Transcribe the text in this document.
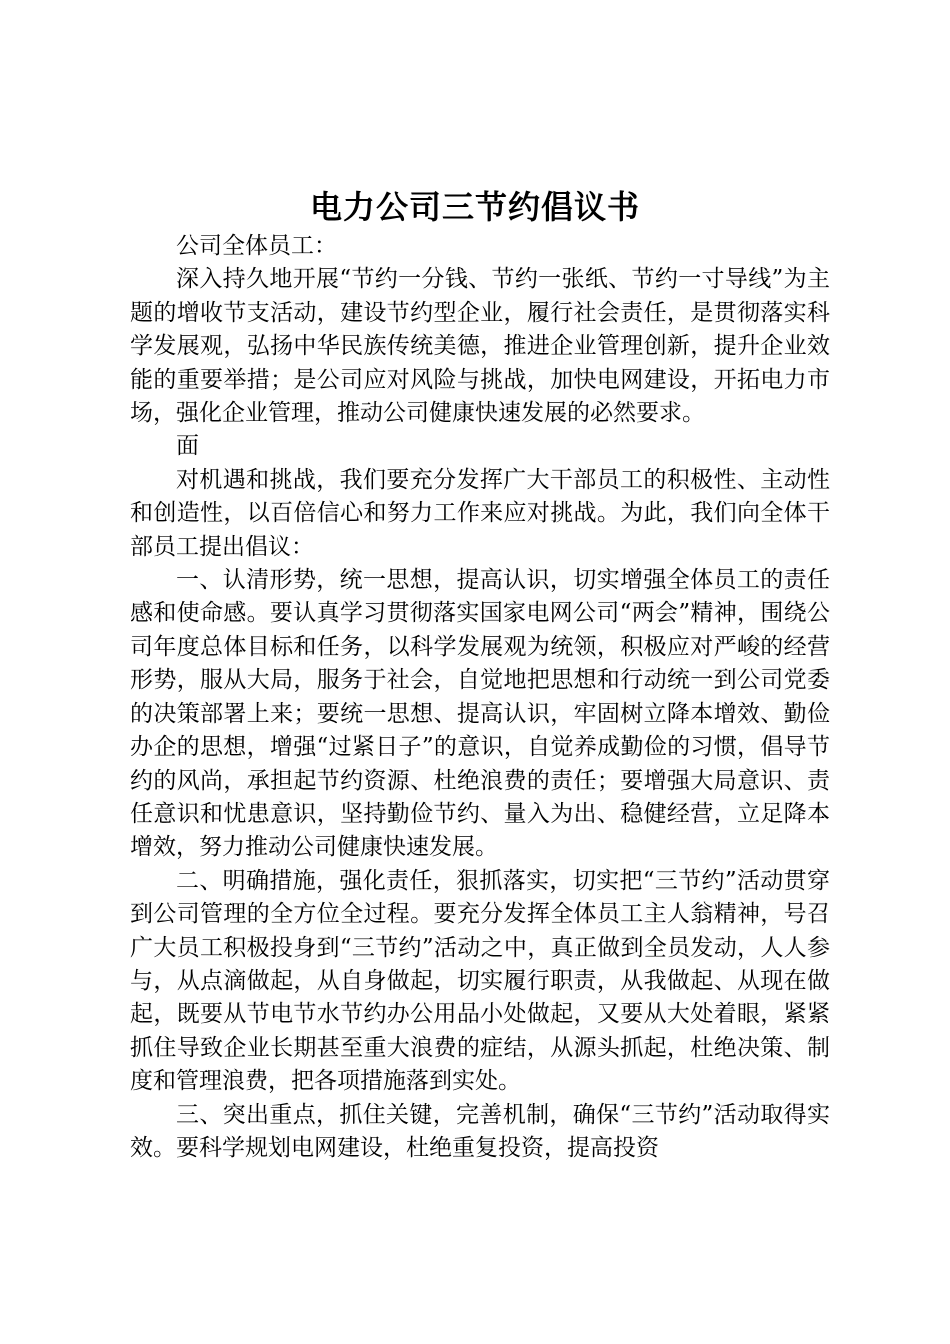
电力公司三节约倡议书

公司全体员工：

深入持久地开展“节约一分钱、节约一张纸、节约一寸导线”为主题的增收节支活动，建设节约型企业，履行社会责任，是贯彻落实科学发展观，弘扬中华民族传统美德，推进企业管理创新，提升企业效能的重要举措；是公司应对风险与挑战，加快电网建设，开拓电力市场，强化企业管理，推动公司健康快速发展的必然要求。

面

对机遇和挑战，我们要充分发挥广大干部员工的积极性、主动性和创造性，以百倍信心和努力工作来应对挑战。为此，我们向全体干部员工提出倡议：

一、认清形势，统一思想，提高认识，切实增强全体员工的责任感和使命感。要认真学习贯彻落实国家电网公司“两会”精神，围绕公司年度总体目标和任务，以科学发展观为统领，积极应对严峻的经营形势，服从大局，服务于社会，自觉地把思想和行动统一到公司党委的决策部署上来；要统一思想、提高认识，牢固树立降本增效、勤俭办企的思想，增强“过紧日子”的意识，自觉养成勤俭的习惯，倡导节约的风尚，承担起节约资源、杜绝浪费的责任；要增强大局意识、责任意识和忧患意识，坚持勤俭节约、量入为出、稳健经营，立足降本增效，努力推动公司健康快速发展。

二、明确措施，强化责任，狠抓落实，切实把“三节约”活动贯穿到公司管理的全方位全过程。要充分发挥全体员工主人翁精神，号召广大员工积极投身到“三节约”活动之中，真正做到全员发动，人人参与，从点滴做起，从自身做起，切实履行职责，从我做起、从现在做起，既要从节电节水节约办公用品小处做起，又要从大处着眼，紧紧抓住导致企业长期甚至重大浪费的症结，从源头抓起，杜绝决策、制度和管理浪费，把各项措施落到实处。

三、突出重点，抓住关键，完善机制，确保“三节约”活动取得实效。要科学规划电网建设，杜绝重复投资，提高投资
